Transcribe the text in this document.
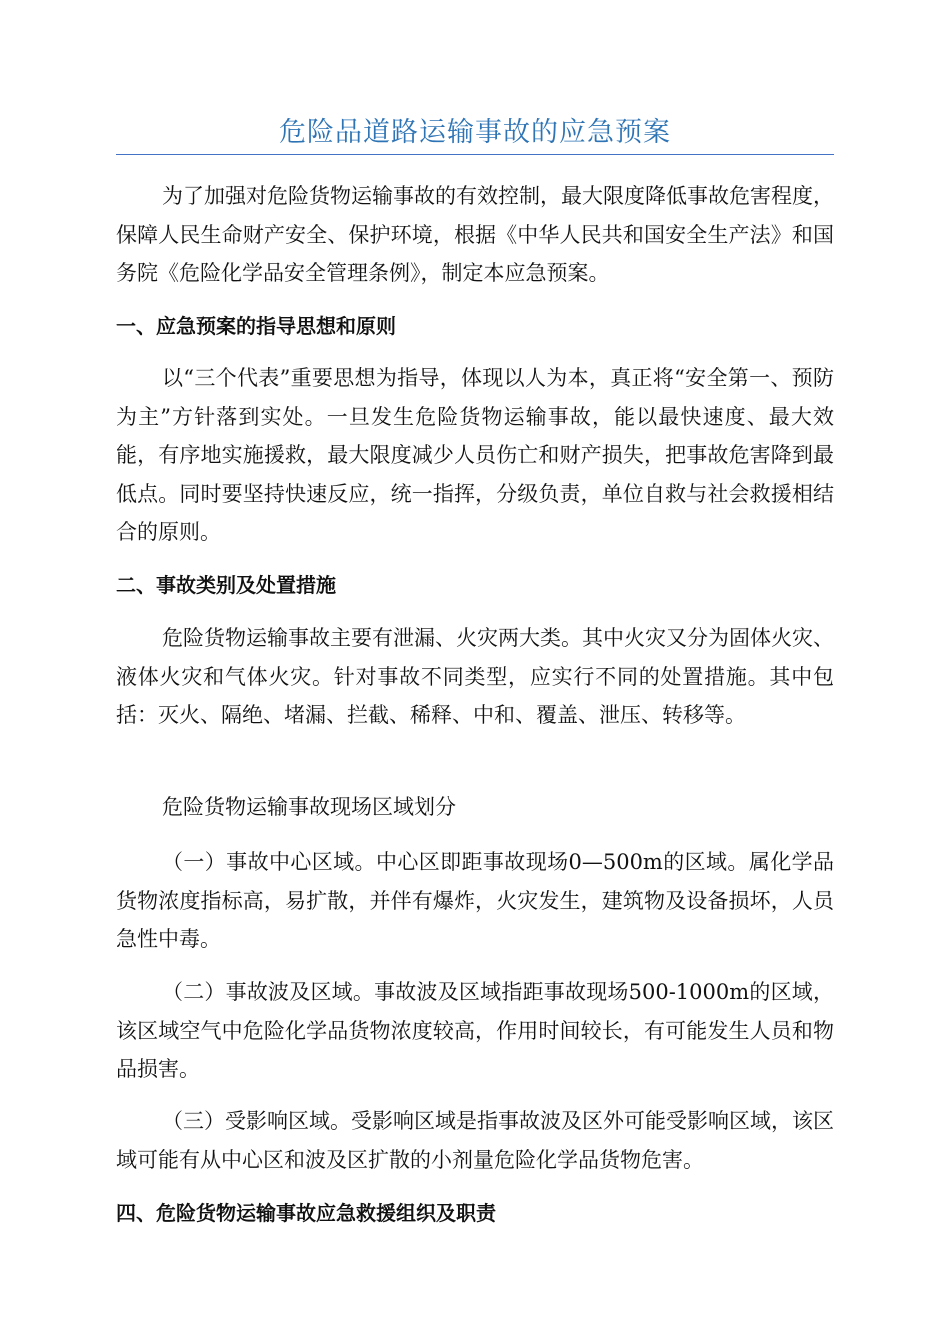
危险品道路运输事故的应急预案

为了加强对危险货物运输事故的有效控制，最大限度降低事故危害程度，保障人民生命财产安全、保护环境，根据《中华人民共和国安全生产法》和国务院《危险化学品安全管理条例》，制定本应急预案。

一、应急预案的指导思想和原则

以“三个代表”重要思想为指导，体现以人为本，真正将“安全第一、预防为主”方针落到实处。一旦发生危险货物运输事故，能以最快速度、最大效能，有序地实施援救，最大限度减少人员伤亡和财产损失，把事故危害降到最低点。同时要坚持快速反应，统一指挥，分级负责，单位自救与社会救援相结合的原则。

二、事故类别及处置措施

危险货物运输事故主要有泄漏、火灾两大类。其中火灾又分为固体火灾、液体火灾和气体火灾。针对事故不同类型，应实行不同的处置措施。其中包括：灭火、隔绝、堵漏、拦截、稀释、中和、覆盖、泄压、转移等。

危险货物运输事故现场区域划分

（一）事故中心区域。中心区即距事故现场0—500m的区域。属化学品货物浓度指标高，易扩散，并伴有爆炸，火灾发生，建筑物及设备损坏，人员急性中毒。

（二）事故波及区域。事故波及区域指距事故现场500-1000m的区域，该区域空气中危险化学品货物浓度较高，作用时间较长，有可能发生人员和物品损害。

（三）受影响区域。受影响区域是指事故波及区外可能受影响区域，该区域可能有从中心区和波及区扩散的小剂量危险化学品货物危害。

四、危险货物运输事故应急救援组织及职责
